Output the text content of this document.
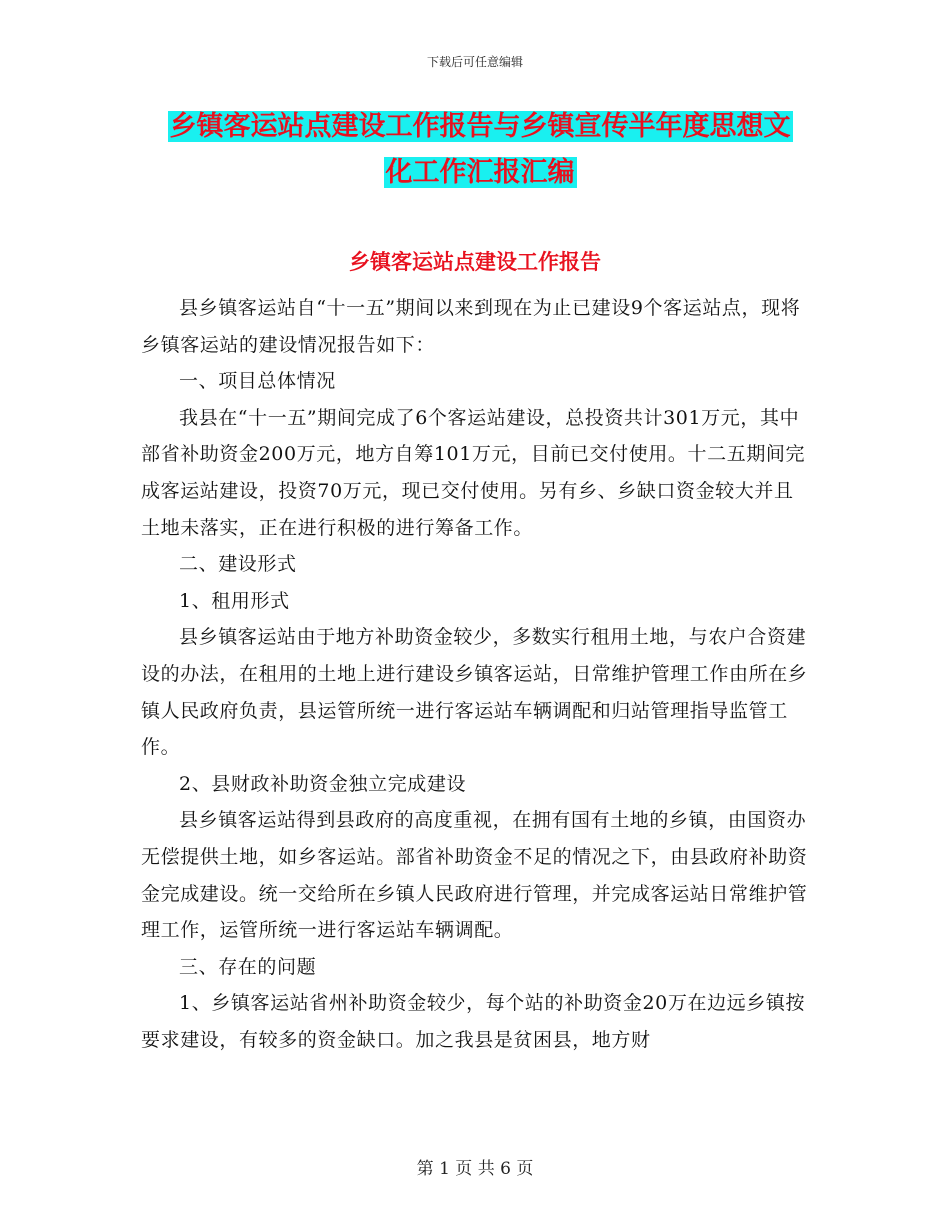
下载后可任意编辑
乡镇客运站点建设工作报告与乡镇宣传半年度思想文
化工作汇报汇编
乡镇客运站点建设工作报告

县乡镇客运站自“十一五”期间以来到现在为止已建设9个客运站点，现将乡镇客运站的建设情况报告如下：

一、项目总体情况

我县在“十一五”期间完成了6个客运站建设，总投资共计301万元，其中部省补助资金200万元，地方自筹101万元，目前已交付使用。十二五期间完成客运站建设，投资70万元，现已交付使用。另有乡、乡缺口资金较大并且土地未落实，正在进行积极的进行筹备工作。

二、建设形式

1、租用形式

县乡镇客运站由于地方补助资金较少，多数实行租用土地，与农户合资建设的办法，在租用的土地上进行建设乡镇客运站，日常维护管理工作由所在乡镇人民政府负责，县运管所统一进行客运站车辆调配和归站管理指导监管工作。

2、县财政补助资金独立完成建设

县乡镇客运站得到县政府的高度重视，在拥有国有土地的乡镇，由国资办无偿提供土地，如乡客运站。部省补助资金不足的情况之下，由县政府补助资金完成建设。统一交给所在乡镇人民政府进行管理，并完成客运站日常维护管理工作，运管所统一进行客运站车辆调配。

三、存在的问题

1、乡镇客运站省州补助资金较少，每个站的补助资金20万在边远乡镇按要求建设，有较多的资金缺口。加之我县是贫困县，地方财

第 1 页 共 6 页
